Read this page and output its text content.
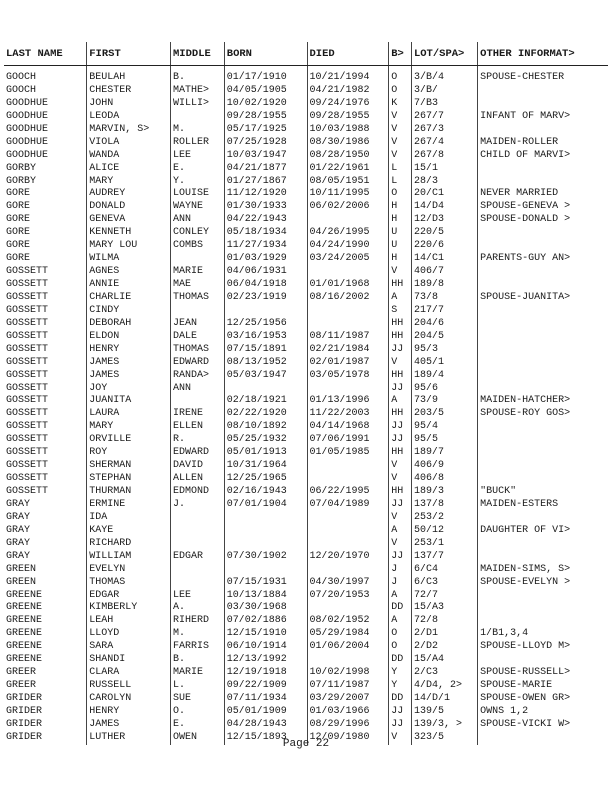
LAST NAME	FIRST	MIDDLE	BORN	DIED	B>	LOT/SPA>	OTHER INFORMAT>
GOOCH	BEULAH	B.	01/17/1910	10/21/1994	O	3/B/4	SPOUSE-CHESTER
GOOCH	CHESTER	MATHE>	04/05/1905	04/21/1982	O	3/B/	
GOODHUE	JOHN	WILLI>	10/02/1920	09/24/1976	K	7/B3	
GOODHUE	LEODA		09/28/1955	09/28/1955	V	267/7	INFANT OF MARV>
GOODHUE	MARVIN, S>	M.	05/17/1925	10/03/1988	V	267/3	
GOODHUE	VIOLA	ROLLER	07/25/1928	08/30/1986	V	267/4	MAIDEN-ROLLER
GOODHUE	WANDA	LEE	10/03/1947	08/28/1950	V	267/8	CHILD OF MARVI>
GORBY	ALICE	E.	04/21/1877	01/22/1961	L	15/1	
GORBY	MARY	Y.	01/27/1867	08/05/1951	L	28/3	
GORE	AUDREY	LOUISE	11/12/1920	10/11/1995	O	20/C1	NEVER MARRIED
GORE	DONALD	WAYNE	01/30/1933	06/02/2006	H	14/D4	SPOUSE-GENEVA >
GORE	GENEVA	ANN	04/22/1943		H	12/D3	SPOUSE-DONALD >
GORE	KENNETH	CONLEY	05/18/1934	04/26/1995	U	220/5	
GORE	MARY LOU	COMBS	11/27/1934	04/24/1990	U	220/6	
GORE	WILMA		01/03/1929	03/24/2005	H	14/C1	PARENTS-GUY AN>
GOSSETT	AGNES	MARIE	04/06/1931		V	406/7	
GOSSETT	ANNIE	MAE	06/04/1918	01/01/1968	HH	189/8	
GOSSETT	CHARLIE	THOMAS	02/23/1919	08/16/2002	A	73/8	SPOUSE-JUANITA>
GOSSETT	CINDY				S	217/7	
GOSSETT	DEBORAH	JEAN	12/25/1956		HH	204/6	
GOSSETT	ELDON	DALE	03/16/1953	08/11/1987	HH	204/5	
GOSSETT	HENRY	THOMAS	07/15/1891	02/21/1984	JJ	95/3	
GOSSETT	JAMES	EDWARD	08/13/1952	02/01/1987	V	405/1	
GOSSETT	JAMES	RANDA>	05/03/1947	03/05/1978	HH	189/4	
GOSSETT	JOY	ANN			JJ	95/6	
GOSSETT	JUANITA		02/18/1921	01/13/1996	A	73/9	MAIDEN-HATCHER>
GOSSETT	LAURA	IRENE	02/22/1920	11/22/2003	HH	203/5	SPOUSE-ROY GOS>
GOSSETT	MARY	ELLEN	08/10/1892	04/14/1968	JJ	95/4	
GOSSETT	ORVILLE	R.	05/25/1932	07/06/1991	JJ	95/5	
GOSSETT	ROY	EDWARD	05/01/1913	01/05/1985	HH	189/7	
GOSSETT	SHERMAN	DAVID	10/31/1964		V	406/9	
GOSSETT	STEPHAN	ALLEN	12/25/1965		V	406/8	
GOSSETT	THURMAN	EDMOND	02/16/1943	06/22/1995	HH	189/3	"BUCK"
GRAY	ERMINE	J.	07/01/1904	07/04/1989	JJ	137/8	MAIDEN-ESTERS
GRAY	IDA				V	253/2	
GRAY	KAYE				A	50/12	DAUGHTER OF VI>
GRAY	RICHARD				V	253/1	
GRAY	WILLIAM	EDGAR	07/30/1902	12/20/1970	JJ	137/7	
GREEN	EVELYN				J	6/C4	MAIDEN-SIMS, S>
GREEN	THOMAS		07/15/1931	04/30/1997	J	6/C3	SPOUSE-EVELYN >
GREENE	EDGAR	LEE	10/13/1884	07/20/1953	A	72/7	
GREENE	KIMBERLY	A.	03/30/1968		DD	15/A3	
GREENE	LEAH	RIHERD	07/02/1886	08/02/1952	A	72/8	
GREENE	LLOYD	M.	12/15/1910	05/29/1984	O	2/D1	1/B1,3,4
GREENE	SARA	FARRIS	06/10/1914	01/06/2004	O	2/D2	SPOUSE-LLOYD M>
GREENE	SHANDI	B.	12/13/1992		DD	15/A4	
GREER	CLARA	MARIE	12/19/1918	10/02/1998	Y	2/C3	SPOUSE-RUSSELL>
GREER	RUSSELL	L.	09/22/1909	07/11/1987	Y	4/D4, 2>	SPOUSE-MARIE
GRIDER	CAROLYN	SUE	07/11/1934	03/29/2007	DD	14/D/1	SPOUSE-OWEN GR>
GRIDER	HENRY	O.	05/01/1909	01/03/1966	JJ	139/5	OWNS 1,2
GRIDER	JAMES	E.	04/28/1943	08/29/1996	JJ	139/3, >	SPOUSE-VICKI W>
GRIDER	LUTHER	OWEN	12/15/1893	12/09/1980	V	323/5	
Page 22
